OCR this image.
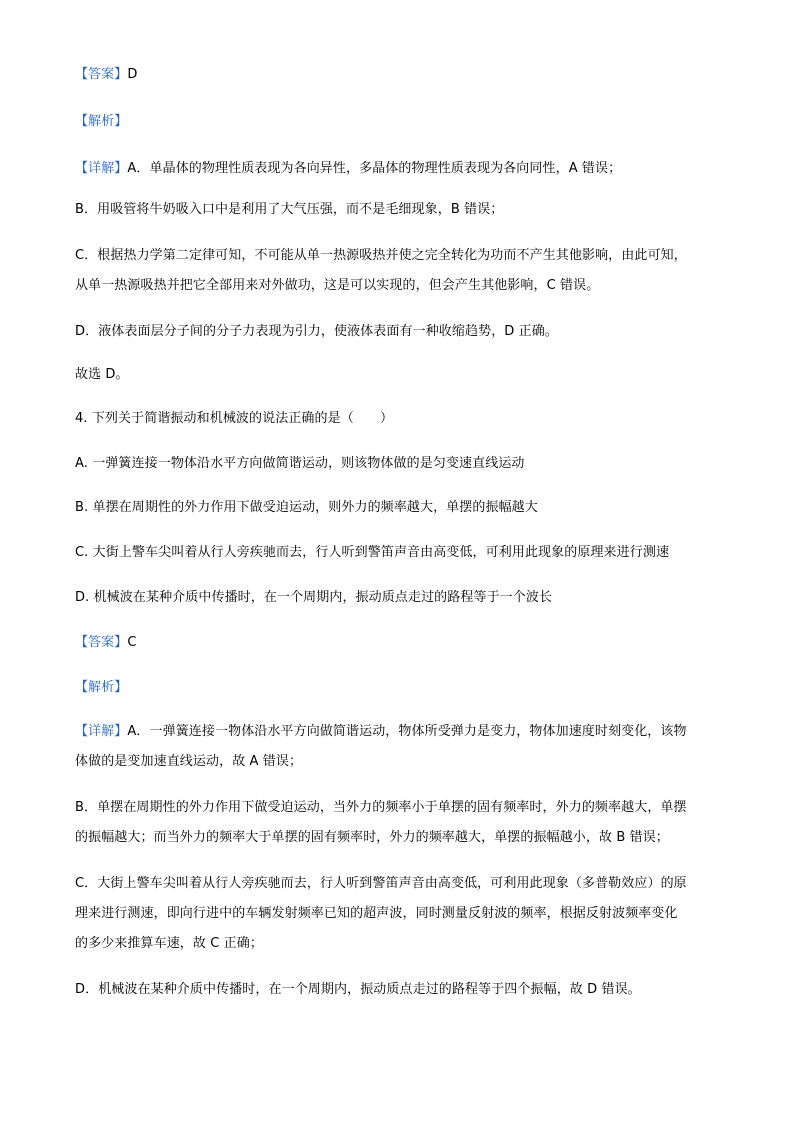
【答案】D
【解析】
【详解】A．单晶体的物理性质表现为各向异性，多晶体的物理性质表现为各向同性，A 错误；
B．用吸管将牛奶吸入口中是利用了大气压强，而不是毛细现象，B 错误；
C．根据热力学第二定律可知，不可能从单一热源吸热并使之完全转化为功而不产生其他影响，由此可知，
从单一热源吸热并把它全部用来对外做功，这是可以实现的，但会产生其他影响，C 错误。
D．液体表面层分子间的分子力表现为引力，使液体表面有一种收缩趋势，D 正确。
故选 D。
4. 下列关于简谐振动和机械波的说法正确的是（　　）
A. 一弹簧连接一物体沿水平方向做简谐运动，则该物体做的是匀变速直线运动
B. 单摆在周期性的外力作用下做受迫运动，则外力的频率越大，单摆的振幅越大
C. 大街上警车尖叫着从行人旁疾驰而去，行人听到警笛声音由高变低，可利用此现象的原理来进行测速
D. 机械波在某种介质中传播时，在一个周期内，振动质点走过的路程等于一个波长
【答案】C
【解析】
【详解】A．一弹簧连接一物体沿水平方向做简谐运动，物体所受弹力是变力，物体加速度时刻变化，该物
体做的是变加速直线运动，故 A 错误；
B．单摆在周期性的外力作用下做受迫运动，当外力的频率小于单摆的固有频率时，外力的频率越大，单摆
的振幅越大；而当外力的频率大于单摆的固有频率时，外力的频率越大，单摆的振幅越小，故 B 错误；
C．大街上警车尖叫着从行人旁疾驰而去，行人听到警笛声音由高变低，可利用此现象（多普勒效应）的原
理来进行测速，即向行进中的车辆发射频率已知的超声波，同时测量反射波的频率，根据反射波频率变化
的多少来推算车速，故 C 正确；
D．机械波在某种介质中传播时，在一个周期内，振动质点走过的路程等于四个振幅，故 D 错误。
